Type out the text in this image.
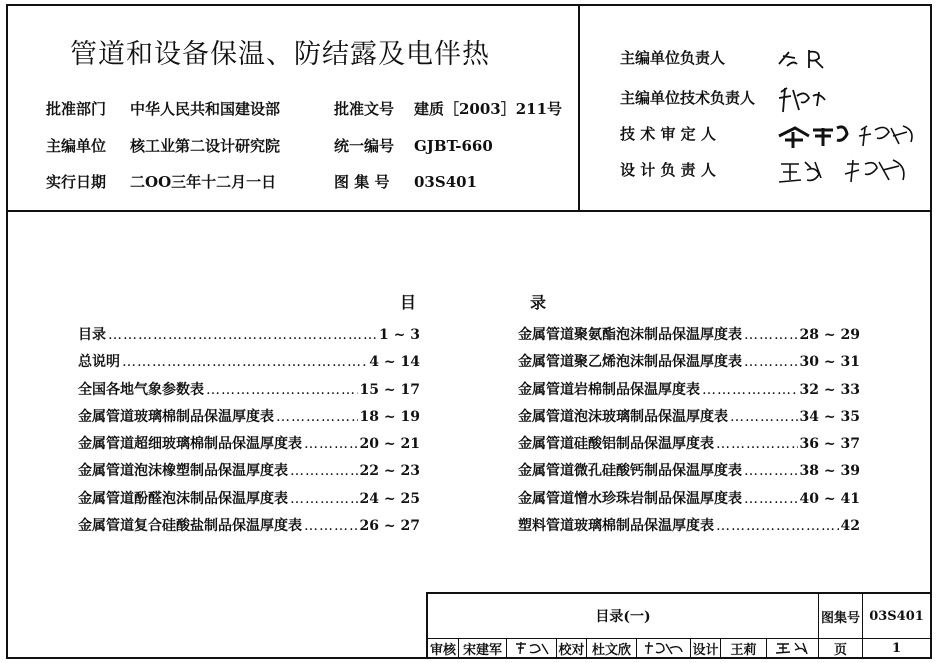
管道和设备保温、防结露及电伴热
批准部门 中华人民共和国建设部
主编单位 核工业第二设计研究院
实行日期 二OO三年十二月一日
批准文号 建质［2003］211号
统一编号 GJBT-660
图 集 号 03S401
主编单位负责人
主编单位技术负责人
技 术 审 定 人
设 计 负 责 人
目	录
目录 ……………………………………………………………………………………………………………………	1 ~ 3
总说明 ……………………………………………………………………………………………………………………	4 ~ 14
全国各地气象参数表 ……………………………………………………………………………………………………………………	15 ~ 17
金属管道玻璃棉制品保温厚度表 ……………………………………………………………………………………………………………………	18 ~ 19
金属管道超细玻璃棉制品保温厚度表 ……………………………………………………………………………………………………………………	20 ~ 21
金属管道泡沫橡塑制品保温厚度表 ……………………………………………………………………………………………………………………	22 ~ 23
金属管道酚醛泡沫制品保温厚度表 ……………………………………………………………………………………………………………………	24 ~ 25
金属管道复合硅酸盐制品保温厚度表 ……………………………………………………………………………………………………………………	26 ~ 27
金属管道聚氨酯泡沫制品保温厚度表 ……………………………………………………………………………………………………………………	28 ~ 29
金属管道聚乙烯泡沫制品保温厚度表 ……………………………………………………………………………………………………………………	30 ~ 31
金属管道岩棉制品保温厚度表 ……………………………………………………………………………………………………………………	32 ~ 33
金属管道泡沫玻璃制品保温厚度表 ……………………………………………………………………………………………………………………	34 ~ 35
金属管道硅酸铝制品保温厚度表 ……………………………………………………………………………………………………………………	36 ~ 37
金属管道微孔硅酸钙制品保温厚度表 ……………………………………………………………………………………………………………………	38 ~ 39
金属管道憎水珍珠岩制品保温厚度表 ……………………………………………………………………………………………………………………	40 ~ 41
塑料管道玻璃棉制品保温厚度表 ……………………………………………………………………………………………………………………	42
目录(一)	图集号 03S401
审核 宋建军	校对 杜文欣	设计 王莉	页	1
